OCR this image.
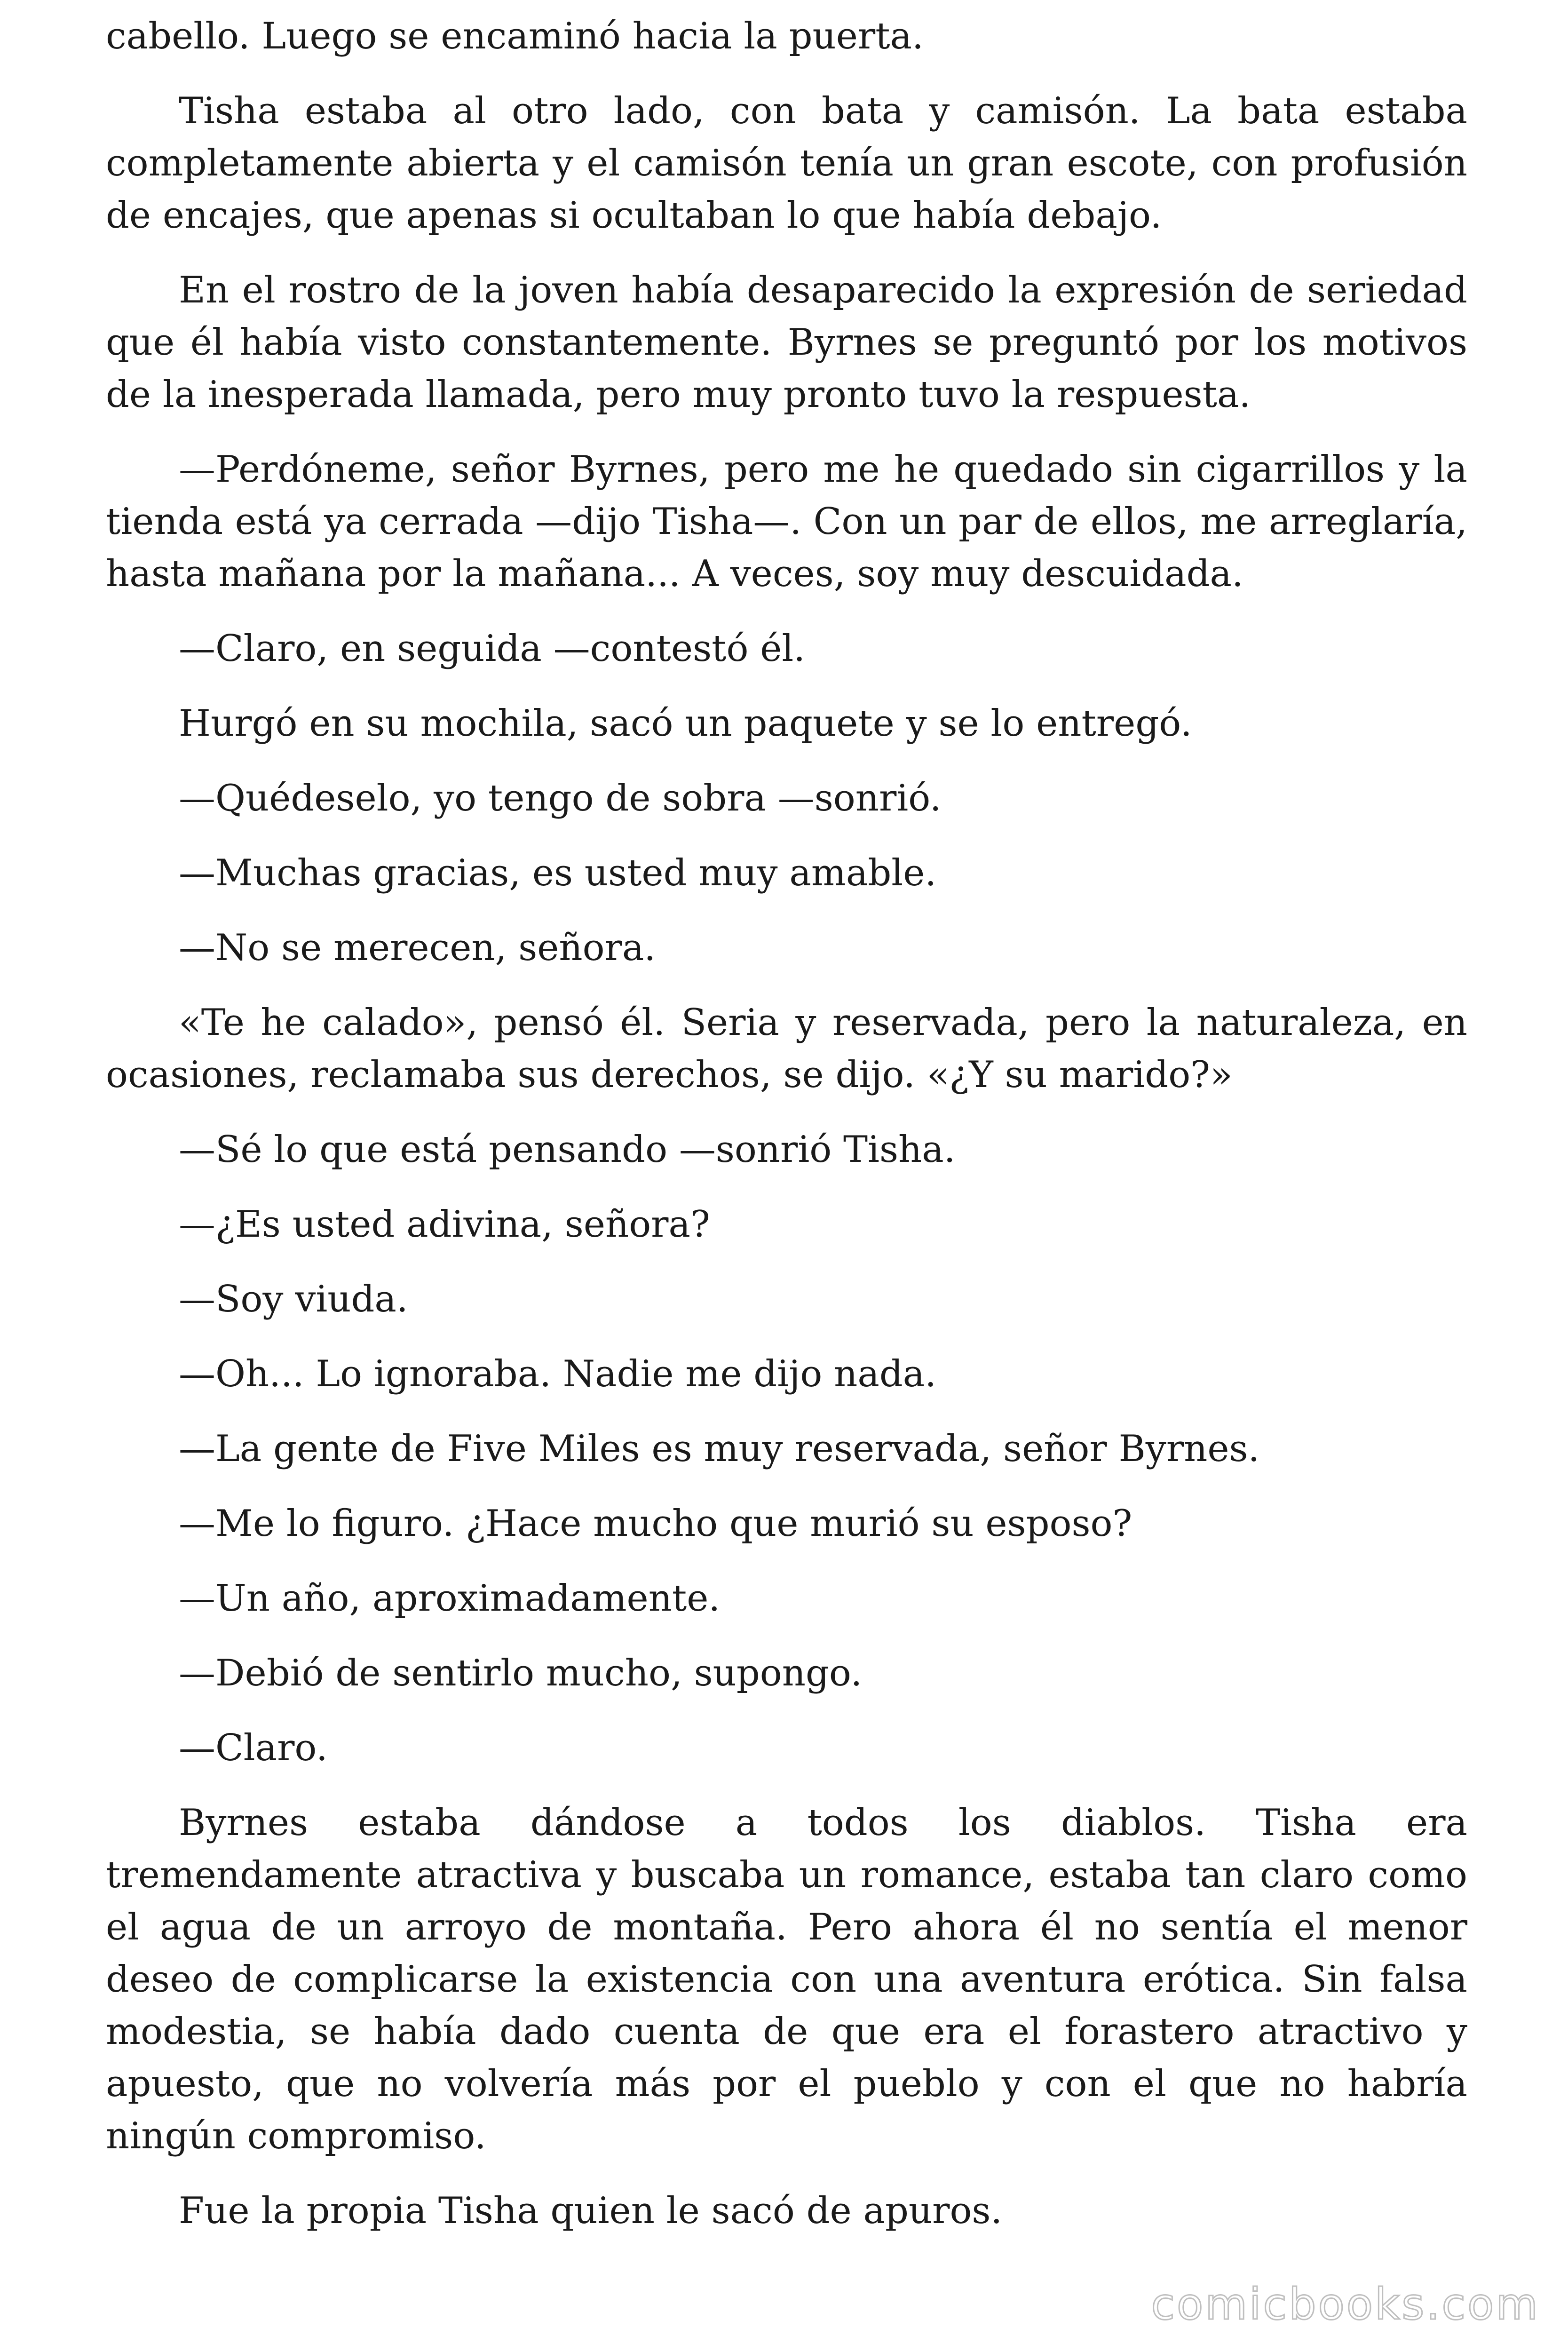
cabello. Luego se encaminó hacia la puerta.

Tisha estaba al otro lado, con bata y camisón. La bata estaba completamente abierta y el camisón tenía un gran escote, con profusión de encajes, que apenas si ocultaban lo que había debajo.

En el rostro de la joven había desaparecido la expresión de seriedad que él había visto constantemente. Byrnes se preguntó por los motivos de la inesperada llamada, pero muy pronto tuvo la respuesta.

—Perdóneme, señor Byrnes, pero me he quedado sin cigarrillos y la tienda está ya cerrada —dijo Tisha—. Con un par de ellos, me arreglaría, hasta mañana por la mañana... A veces, soy muy descuidada.

—Claro, en seguida —contestó él.

Hurgó en su mochila, sacó un paquete y se lo entregó.

—Quédeselo, yo tengo de sobra —sonrió.

—Muchas gracias, es usted muy amable.

—No se merecen, señora.

«Te he calado», pensó él. Seria y reservada, pero la naturaleza, en ocasiones, reclamaba sus derechos, se dijo. «¿Y su marido?»

—Sé lo que está pensando —sonrió Tisha.

—¿Es usted adivina, señora?

—Soy viuda.

—Oh... Lo ignoraba. Nadie me dijo nada.

—La gente de Five Miles es muy reservada, señor Byrnes.

—Me lo figuro. ¿Hace mucho que murió su esposo?

—Un año, aproximadamente.

—Debió de sentirlo mucho, supongo.

—Claro.

Byrnes estaba dándose a todos los diablos. Tisha era tremendamente atractiva y buscaba un romance, estaba tan claro como el agua de un arroyo de montaña. Pero ahora él no sentía el menor deseo de complicarse la existencia con una aventura erótica. Sin falsa modestia, se había dado cuenta de que era el forastero atractivo y apuesto, que no volvería más por el pueblo y con el que no habría ningún compromiso.

Fue la propia Tisha quien le sacó de apuros.

comicbooks.com
